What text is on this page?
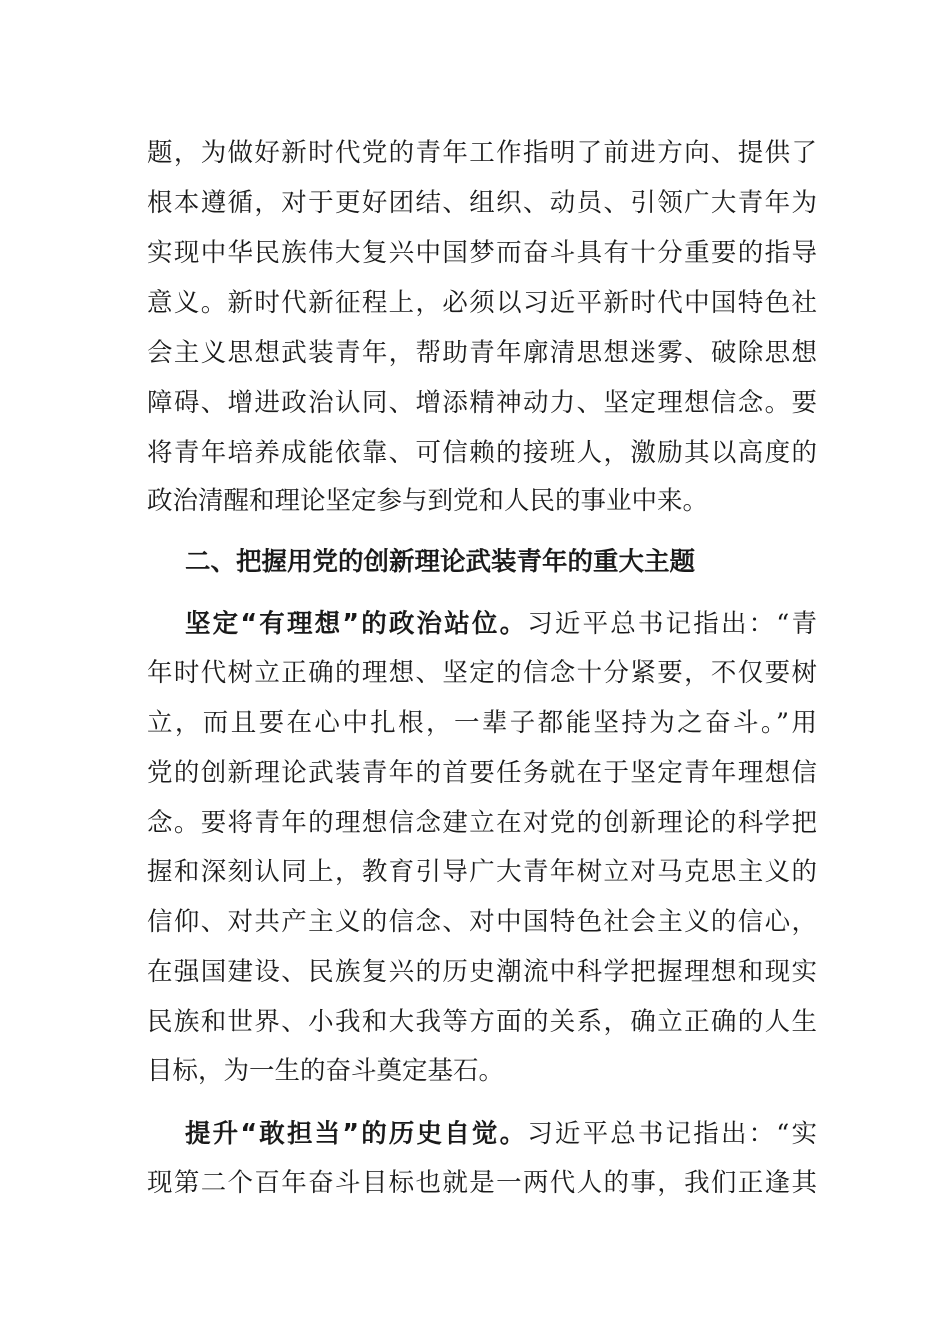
题，为做好新时代党的青年工作指明了前进方向、提供了
根本遵循，对于更好团结、组织、动员、引领广大青年为
实现中华民族伟大复兴中国梦而奋斗具有十分重要的指导
意义。新时代新征程上，必须以习近平新时代中国特色社
会主义思想武装青年，帮助青年廓清思想迷雾、破除思想
障碍、增进政治认同、增添精神动力、坚定理想信念。要
将青年培养成能依靠、可信赖的接班人，激励其以高度的
政治清醒和理论坚定参与到党和人民的事业中来。
二、把握用党的创新理论武装青年的重大主题
坚定“有理想”的政治站位。习近平总书记指出：“青
年时代树立正确的理想、坚定的信念十分紧要，不仅要树
立，而且要在心中扎根，一辈子都能坚持为之奋斗。”用
党的创新理论武装青年的首要任务就在于坚定青年理想信
念。要将青年的理想信念建立在对党的创新理论的科学把
握和深刻认同上，教育引导广大青年树立对马克思主义的
信仰、对共产主义的信念、对中国特色社会主义的信心，
在强国建设、民族复兴的历史潮流中科学把握理想和现实
民族和世界、小我和大我等方面的关系，确立正确的人生
目标，为一生的奋斗奠定基石。
提升“敢担当”的历史自觉。习近平总书记指出：“实
现第二个百年奋斗目标也就是一两代人的事，我们正逢其
